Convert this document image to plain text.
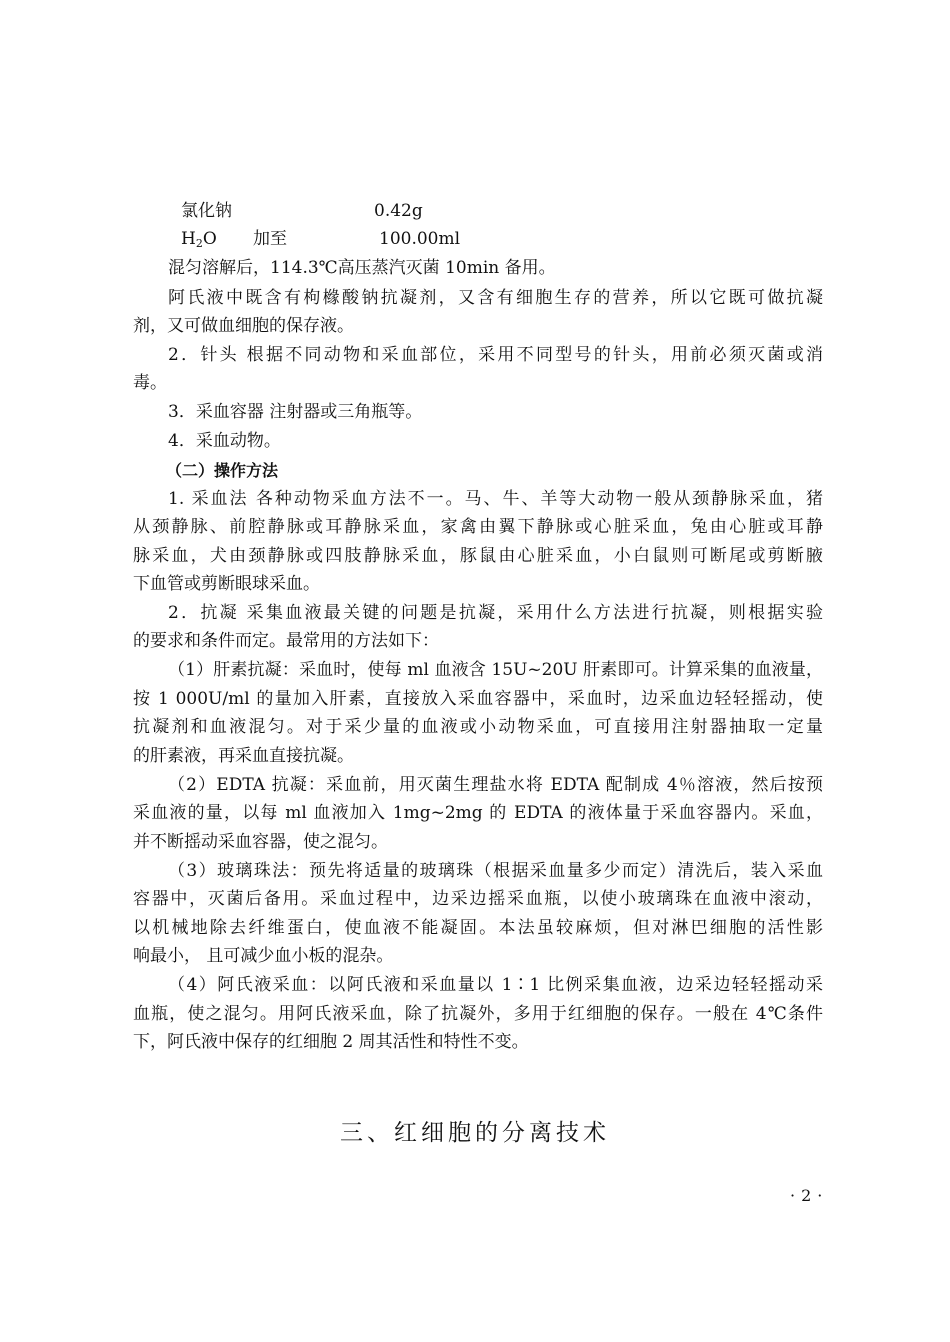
氯化钠	0.42g
$H_2O$ 加至	100.00ml

混匀溶解后，114.3℃高压蒸汽灭菌 10min 备用。

阿氏液中既含有枸橼酸钠抗凝剂，又含有细胞生存的营养，所以它既可做抗凝

剂，又可做血细胞的保存液。

2．针头 根据不同动物和采血部位，采用不同型号的针头，用前必须灭菌或消

毒。

3．采血容器 注射器或三角瓶等。

4．采血动物。

（二）操作方法

1. 采血法 各种动物采血方法不一。马、牛、羊等大动物一般从颈静脉采血，猪

从颈静脉、前腔静脉或耳静脉采血，家禽由翼下静脉或心脏采血，兔由心脏或耳静

脉采血，犬由颈静脉或四肢静脉采血，豚鼠由心脏采血，小白鼠则可断尾或剪断腋

下血管或剪断眼球采血。

2．抗凝 采集血液最关键的问题是抗凝，采用什么方法进行抗凝，则根据实验

的要求和条件而定。最常用的方法如下：

（1）肝素抗凝：采血时，使每 ml 血液含 15U~20U 肝素即可。计算采集的血液量，

按 1 000U/ml 的量加入肝素，直接放入采血容器中，采血时，边采血边轻轻摇动，使

抗凝剂和血液混匀。对于采少量的血液或小动物采血，可直接用注射器抽取一定量

的肝素液，再采血直接抗凝。

（2）EDTA 抗凝：采血前，用灭菌生理盐水将 EDTA 配制成 4％溶液，然后按预

采血液的量，以每 ml 血液加入 1mg~2mg 的 EDTA 的液体量于采血容器内。采血，

并不断摇动采血容器，使之混匀。

（3）玻璃珠法：预先将适量的玻璃珠（根据采血量多少而定）清洗后，装入采血

容器中，灭菌后备用。采血过程中，边采边摇采血瓶，以使小玻璃珠在血液中滚动，

以机械地除去纤维蛋白，使血液不能凝固。本法虽较麻烦，但对淋巴细胞的活性影

响最小， 且可减少血小板的混杂。

（4）阿氏液采血：以阿氏液和采血量以 1∶1 比例采集血液，边采边轻轻摇动采

血瓶，使之混匀。用阿氏液采血，除了抗凝外，多用于红细胞的保存。一般在 4℃条件

下，阿氏液中保存的红细胞 2 周其活性和特性不变。

三、红细胞的分离技术
·2·
